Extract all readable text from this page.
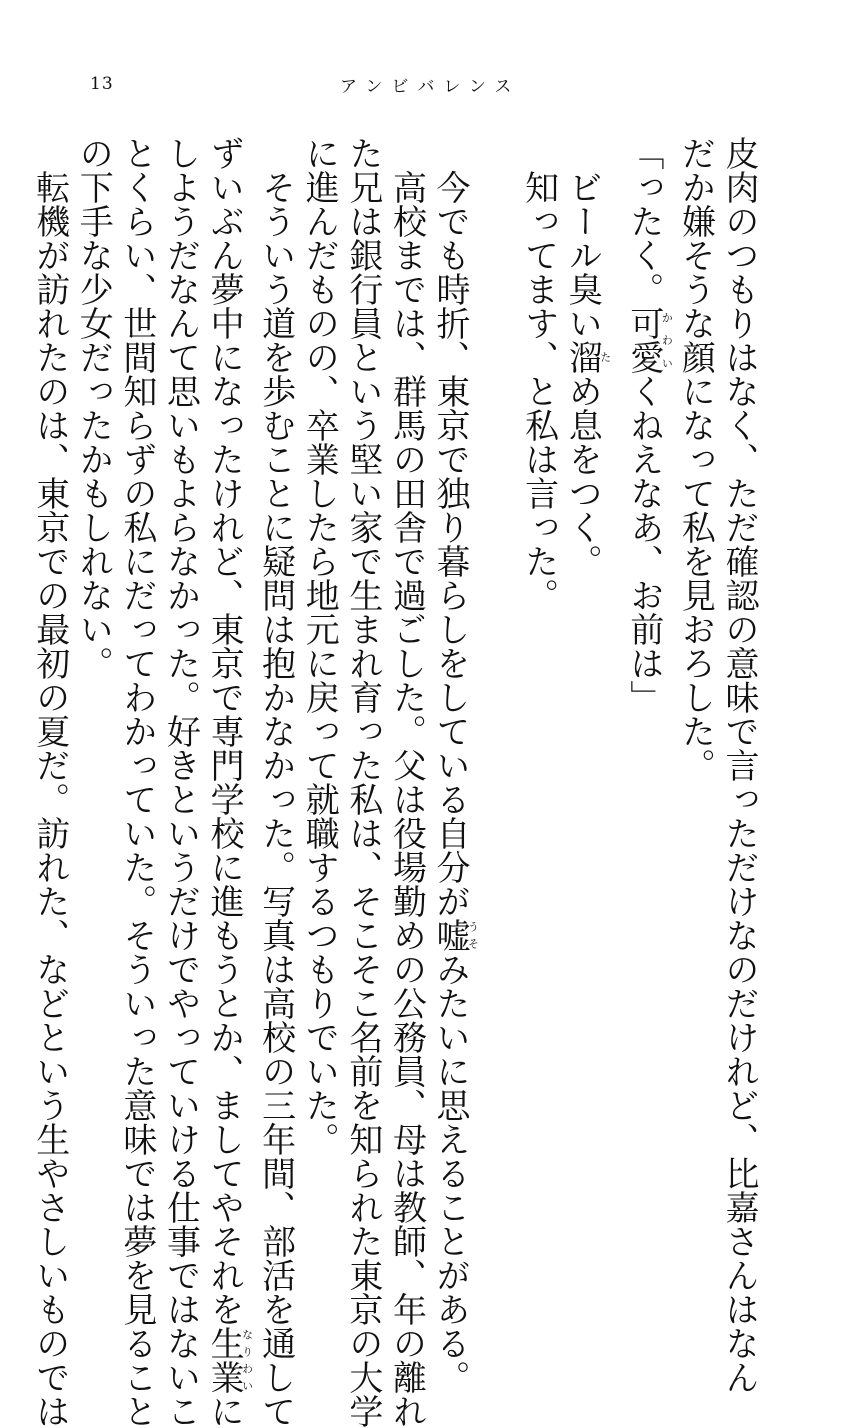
13	アンビバレンス
皮肉のつもりはなく、ただ確認の意味で言っただけなのだけれど、比嘉さんはなん
だか嫌そうな顔になって私を見おろした。
「ったく。可愛かわいくねえなあ、お前は」
ビール臭い溜ため息をつく。
知ってます、と私は言った。
今でも時折、東京で独り暮らしをしている自分が嘘うそみたいに思えることがある。
高校までは、群馬の田舎で過ごした。父は役場勤めの公務員、母は教師、年の離れ
た兄は銀行員という堅い家で生まれ育った私は、そこそこ名前を知られた東京の大学
に進んだものの、卒業したら地元に戻って就職するつもりでいた。
そういう道を歩むことに疑問は抱かなかった。写真は高校の三年間、部活を通して
ずいぶん夢中になったけれど、東京で専門学校に進もうとか、ましてやそれを生業なりわいに
しようだなんて思いもよらなかった。好きというだけでやっていける仕事ではないこ
とくらい、世間知らずの私にだってわかっていた。そういった意味では夢を見ること
の下手な少女だったかもしれない。
転機が訪れたのは、東京での最初の夏だ。訪れた、などという生やさしいものでは
